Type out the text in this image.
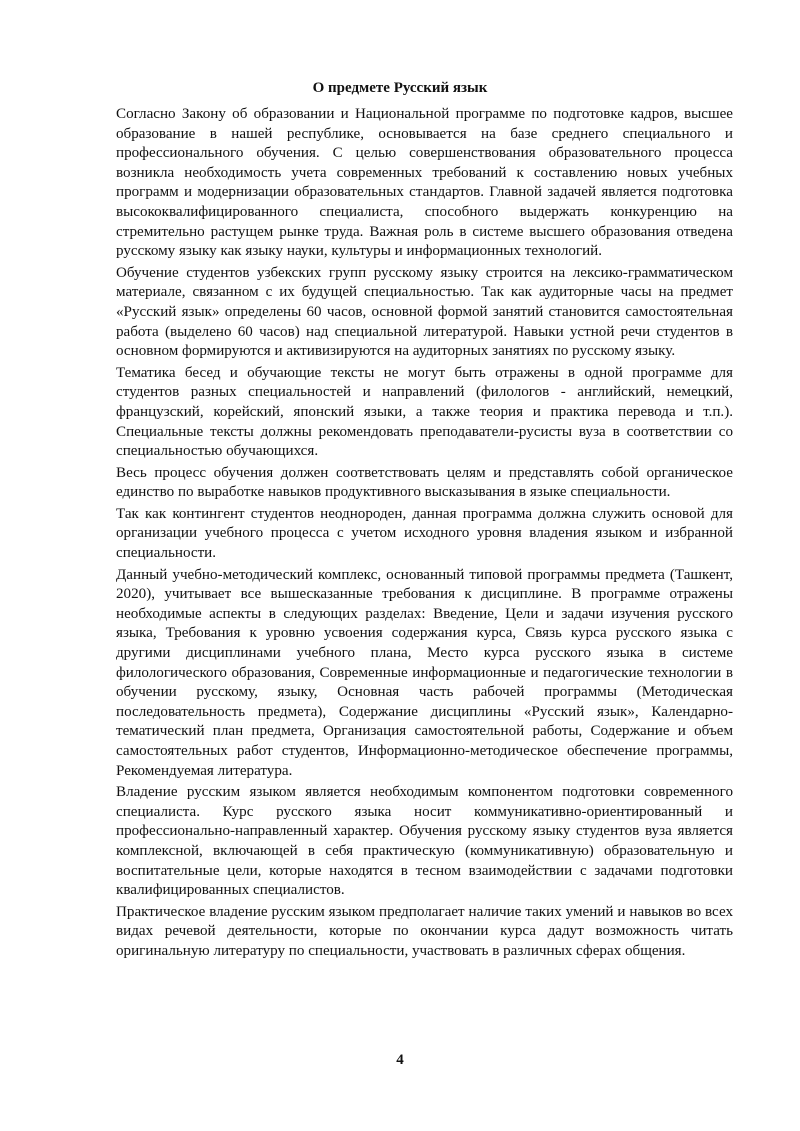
О предмете Русский язык

Согласно Закону об образовании и Национальной программе по подготовке кадров, высшее образование в нашей республике, основывается на базе среднего специального и профессионального обучения. С целью совершенствования образовательного процесса возникла необходимость учета современных требований к составлению новых учебных программ и модернизации образовательных стандартов. Главной задачей является подготовка высококвалифицированного специалиста, способного выдержать конкуренцию на стремительно растущем рынке труда. Важная роль в системе высшего образования отведена русскому языку как языку науки, культуры и информационных технологий.

Обучение студентов узбекских групп русскому языку строится на лексико-грамматическом материале, связанном с их будущей специальностью. Так как аудиторные часы на предмет «Русский язык» определены 60 часов, основной формой занятий становится самостоятельная работа (выделено 60 часов) над специальной литературой. Навыки устной речи студентов в основном формируются и активизируются на аудиторных занятиях по русскому языку.

Тематика бесед и обучающие тексты не могут быть отражены в одной программе для студентов разных специальностей и направлений (филологов - английский, немецкий, французский, корейский, японский языки, а также теория и практика перевода и т.п.). Специальные тексты должны рекомендовать преподаватели-русисты вуза в соответствии со специальностью обучающихся.

Весь процесс обучения должен соответствовать целям и представлять собой органическое единство по выработке навыков продуктивного высказывания в языке специальности.

Так как контингент студентов неоднороден, данная программа должна служить основой для организации учебного процесса с учетом исходного уровня владения языком и избранной специальности.

Данный учебно-методический комплекс, основанный типовой программы предмета (Ташкент, 2020), учитывает все вышесказанные требования к дисциплине. В программе отражены необходимые аспекты в следующих разделах: Введение, Цели и задачи изучения русского языка, Требования к уровню усвоения содержания курса, Связь курса русского языка с другими дисциплинами учебного плана, Место курса русского языка в системе филологического образования, Современные информационные и педагогические технологии в обучении русскому, языку, Основная часть рабочей программы (Методическая последовательность предмета), Содержание дисциплины «Русский язык», Календарно-тематический план предмета, Организация самостоятельной работы, Содержание и объем самостоятельных работ студентов, Информационно-методическое обеспечение программы, Рекомендуемая литература.

Владение русским языком является необходимым компонентом подготовки современного специалиста. Курс русского языка носит коммуникативно-ориентированный и профессионально-направленный характер. Обучения русскому языку студентов вуза является комплексной, включающей в себя практическую (коммуникативную) образовательную и воспитательные цели, которые находятся в тесном взаимодействии с задачами подготовки квалифицированных специалистов.

Практическое владение русским языком предполагает наличие таких умений и навыков во всех видах речевой деятельности, которые по окончании курса дадут возможность читать оригинальную литературу по специальности, участвовать в различных сферах общения.

4
